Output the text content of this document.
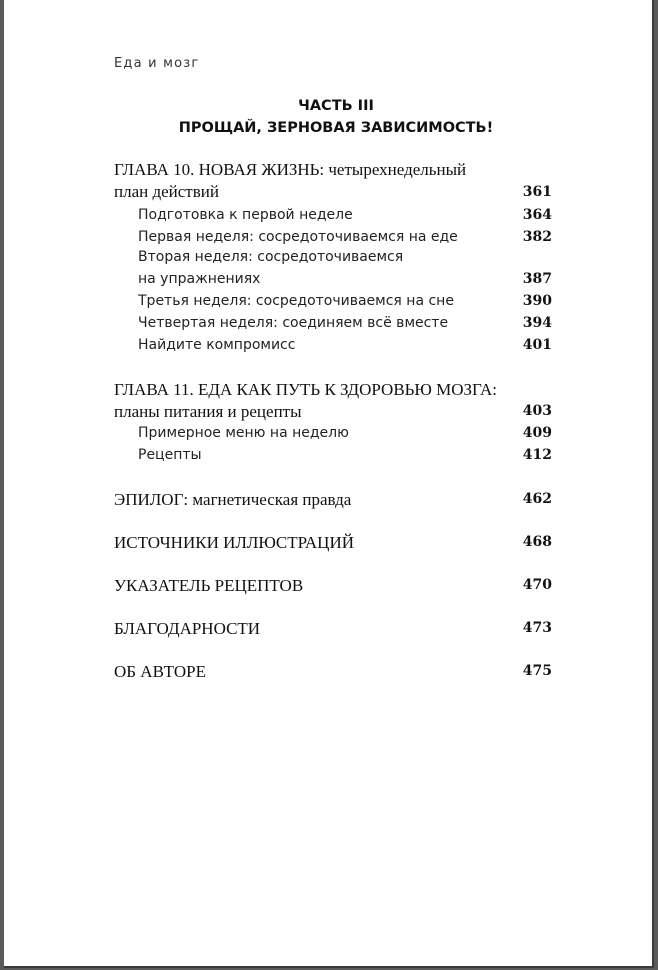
Еда и мозг
ЧАСТЬ III
ПРОЩАЙ, ЗЕРНОВАЯ ЗАВИСИМОСТЬ!
ГЛАВА 10. НОВАЯ ЖИЗНЬ: четырехнедельный
план действий	361
Подготовка к первой неделе	364
Первая неделя: сосредоточиваемся на еде	382
Вторая неделя: сосредоточиваемся
на упражнениях	387
Третья неделя: сосредоточиваемся на сне	390
Четвертая неделя: соединяем всё вместе	394
Найдите компромисс	401
ГЛАВА 11. ЕДА КАК ПУТЬ К ЗДОРОВЬЮ МОЗГА:
планы питания и рецепты	403
Примерное меню на неделю	409
Рецепты	412
ЭПИЛОГ: магнетическая правда	462
ИСТОЧНИКИ ИЛЛЮСТРАЦИЙ	468
УКАЗАТЕЛЬ РЕЦЕПТОВ	470
БЛАГОДАРНОСТИ	473
ОБ АВТОРЕ	475
